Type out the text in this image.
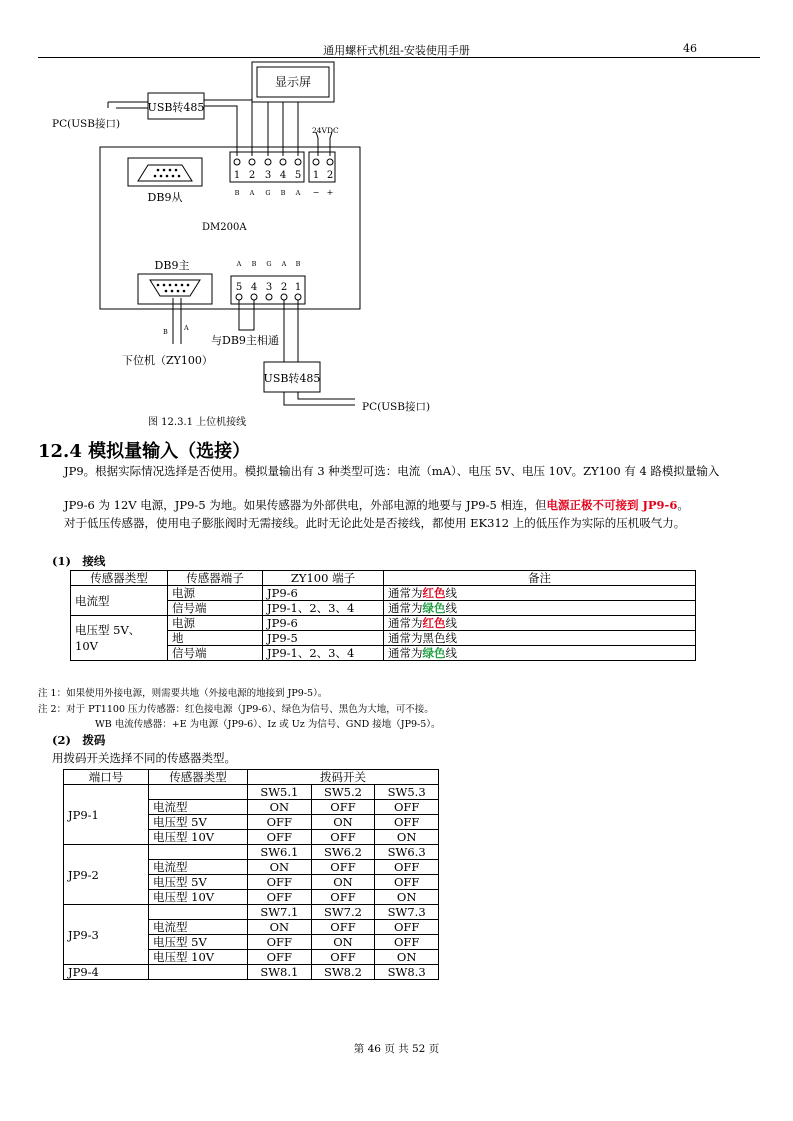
通用螺杆式机组-安装使用手册	46
显示屏
USB转485
PC(USB接口)
24VDC
DB9从
DM200A
1 2 3 4 5 1 2
B A G B A − +
DB9主	A B G A B
5 4 3 2 1
B A
与DB9主相通
下位机（ZY100）
USB转485
PC(USB接口)
图 12.3.1 上位机接线
12.4 模拟量输入（选接）
JP9。根据实际情况选择是否使用。模拟量输出有 3 种类型可选：电流（mA）、电压 5V、电压 10V。ZY100 有 4 路模拟量输入
JP9-6 为 12V 电源，JP9-5 为地。如果传感器为外部供电，外部电源的地要与 JP9-5 相连，但电源正极不可接到 JP9-6。
对于低压传感器，使用电子膨胀阀时无需接线。此时无论此处是否接线，都使用 EK312 上的低压作为实际的压机吸气力。
(1)　接线
传感器类型	传感器端子	ZY100 端子	备注
电流型	电源	JP9-6	通常为红色线
	信号端	JP9-1、2、3、4	通常为绿色线
电压型 5V、10V	电源	JP9-6	通常为红色线
	地	JP9-5	通常为黑色线
	信号端	JP9-1、2、3、4	通常为绿色线
注 1：如果使用外接电源，则需要共地（外接电源的地接到 JP9-5）。
注 2：对于 PT1100 压力传感器：红色接电源（JP9-6）、绿色为信号、黑色为大地，可不接。
WB 电流传感器：+E 为电源（JP9-6）、Iz 或 Uz 为信号、GND 接地（JP9-5）。
(2)　拨码
用拨码开关选择不同的传感器类型。
端口号	传感器类型	拨码开关		
JP9-1		SW5.1	SW5.2	SW5.3
	电流型	ON	OFF	OFF
	电压型 5V	OFF	ON	OFF
	电压型 10V	OFF	OFF	ON
JP9-2		SW6.1	SW6.2	SW6.3
	电流型	ON	OFF	OFF
	电压型 5V	OFF	ON	OFF
	电压型 10V	OFF	OFF	ON
JP9-3		SW7.1	SW7.2	SW7.3
	电流型	ON	OFF	OFF
	电压型 5V	OFF	ON	OFF
	电压型 10V	OFF	OFF	ON
JP9-4		SW8.1	SW8.2	SW8.3
第 46 页 共 52 页
